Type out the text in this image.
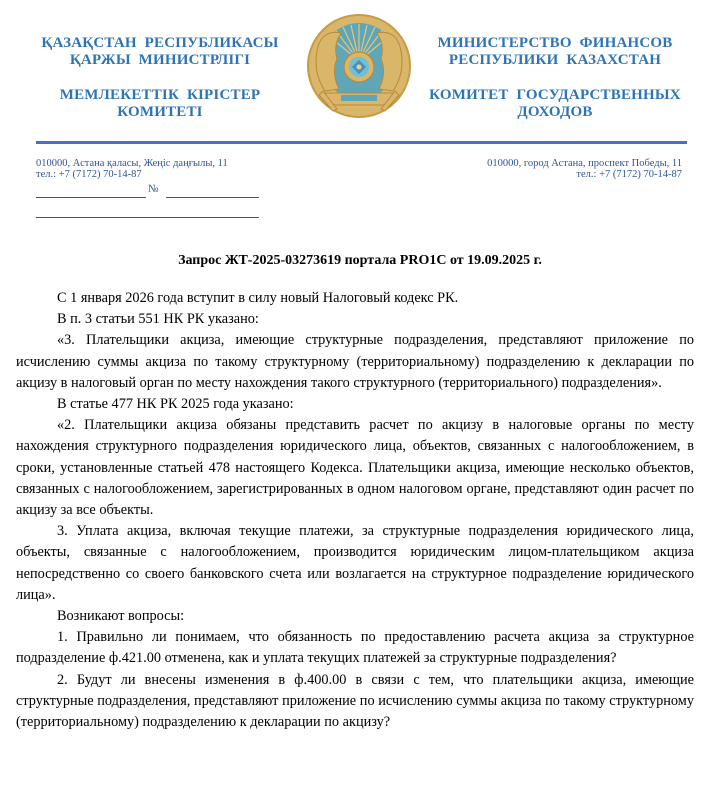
ҚАЗАҚСТАН  РЕСПУБЛИКАСЫ
ҚАРЖЫ  МИНИСТРЛІГІ
МЕМЛЕКЕТТІК  КІРІСТЕР
КОМИТЕТІ
МИНИСТЕРСТВО  ФИНАНСОВ
РЕСПУБЛИКИ  КАЗАХСТАН
КОМИТЕТ  ГОСУДАРСТВЕННЫХ
ДОХОДОВ
010000, Астана қаласы, Жеңіс даңғылы, 11
тел.: +7 (7172) 70-14-87
010000, город Астана, проспект Победы, 11
тел.: +7 (7172) 70-14-87
№
Запрос ЖТ-2025-03273619 портала PRO1C от 19.09.2025 г.

С 1 января 2026 года вступит в силу новый Налоговый кодекс РК.

В п. 3 статьи 551 НК РК указано:

«3. Плательщики акциза, имеющие структурные подразделения, представляют приложение по исчислению суммы акциза по такому структурному (территориальному) подразделению к декларации по акцизу в налоговый орган по месту нахождения такого структурного (территориального) подразделения».

В статье 477 НК РК 2025 года указано:

«2. Плательщики акциза обязаны представить расчет по акцизу в налоговые органы по месту нахождения структурного подразделения юридического лица, объектов, связанных с налогообложением, в сроки, установленные статьей 478 настоящего Кодекса. Плательщики акциза, имеющие несколько объектов, связанных с налогообложением, зарегистрированных в одном налоговом органе, представляют один расчет по акцизу за все объекты.

3. Уплата акциза, включая текущие платежи, за структурные подразделения юридического лица, объекты, связанные с налогообложением, производится юридическим лицом-плательщиком акциза непосредственно со своего банковского счета или возлагается на структурное подразделение юридического лица».

Возникают вопросы:

1. Правильно ли понимаем, что обязанность по предоставлению расчета акциза за структурное подразделение ф.421.00 отменена, как и уплата текущих платежей за структурные подразделения?

2. Будут ли внесены изменения в ф.400.00 в связи с тем, что плательщики акциза, имеющие структурные подразделения, представляют приложение по исчислению суммы акциза по такому структурному (территориальному) подразделению к декларации по акцизу?
